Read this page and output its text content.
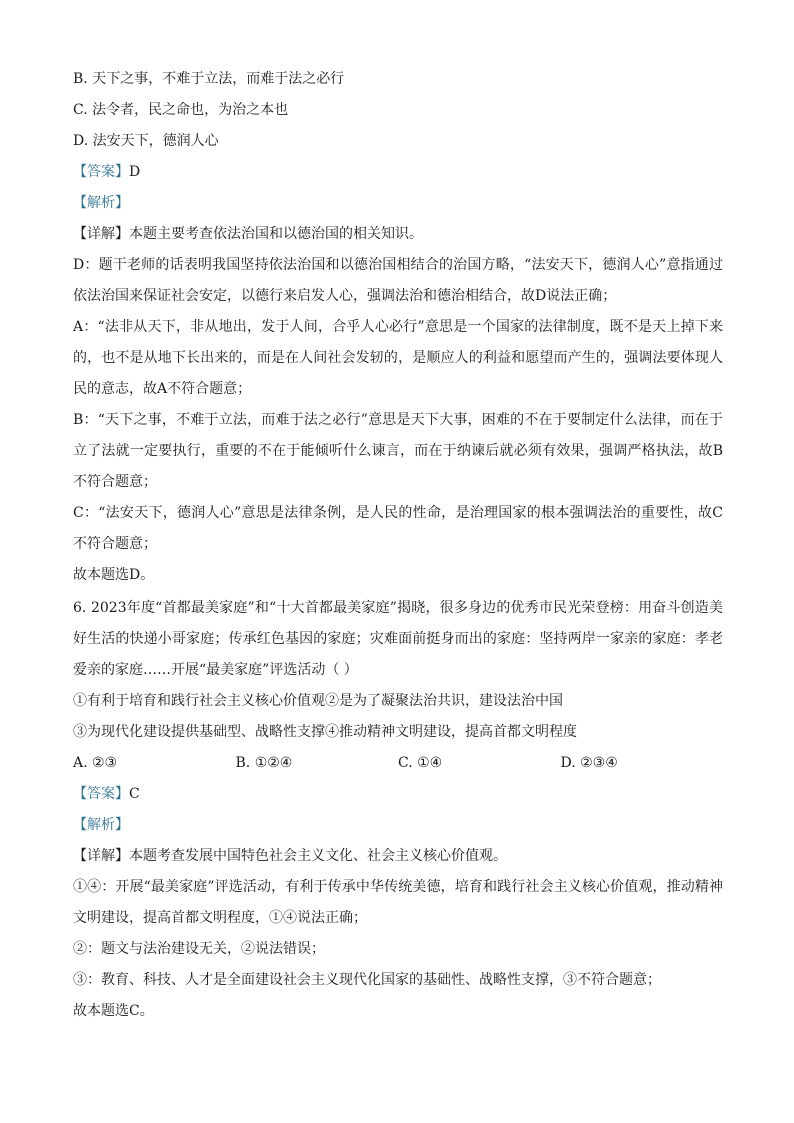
B. 天下之事，不难于立法，而难于法之必行

C. 法令者，民之命也，为治之本也

D. 法安天下，德润人心

【答案】D

【解析】

【详解】本题主要考查依法治国和以德治国的相关知识。

D：题干老师的话表明我国坚持依法治国和以德治国相结合的治国方略，“法安天下，德润人心”意指通过依法治国来保证社会安定，以德行来启发人心，强调法治和德治相结合，故D说法正确；

A：“法非从天下，非从地出，发于人间，合乎人心必行”意思是一个国家的法律制度，既不是天上掉下来的，也不是从地下长出来的，而是在人间社会发轫的，是顺应人的利益和愿望而产生的，强调法要体现人民的意志，故A不符合题意；

B：“天下之事，不难于立法，而难于法之必行”意思是天下大事，困难的不在于要制定什么法律，而在于立了法就一定要执行，重要的不在于能倾听什么谏言，而在于纳谏后就必须有效果，强调严格执法，故B不符合题意；

C：“法安天下，德润人心”意思是法律条例，是人民的性命，是治理国家的根本强调法治的重要性，故C不符合题意；

故本题选D。

6. 2023年度“首都最美家庭”和“十大首都最美家庭”揭晓，很多身边的优秀市民光荣登榜：用奋斗创造美好生活的快递小哥家庭；传承红色基因的家庭；灾难面前挺身而出的家庭：坚持两岸一家亲的家庭：孝老爱亲的家庭……开展“最美家庭”评选活动（ ）

①有利于培育和践行社会主义核心价值观②是为了凝聚法治共识，建设法治中国

③为现代化建设提供基础型、战略性支撑④推动精神文明建设，提高首都文明程度

A. ②③	B. ①②④	C. ①④	D. ②③④

【答案】C

【解析】

【详解】本题考查发展中国特色社会主义文化、社会主义核心价值观。

①④：开展“最美家庭”评选活动，有利于传承中华传统美德，培育和践行社会主义核心价值观，推动精神文明建设，提高首都文明程度，①④说法正确；

②：题文与法治建设无关，②说法错误；

③：教育、科技、人才是全面建设社会主义现代化国家的基础性、战略性支撑，③不符合题意；

故本题选C。
